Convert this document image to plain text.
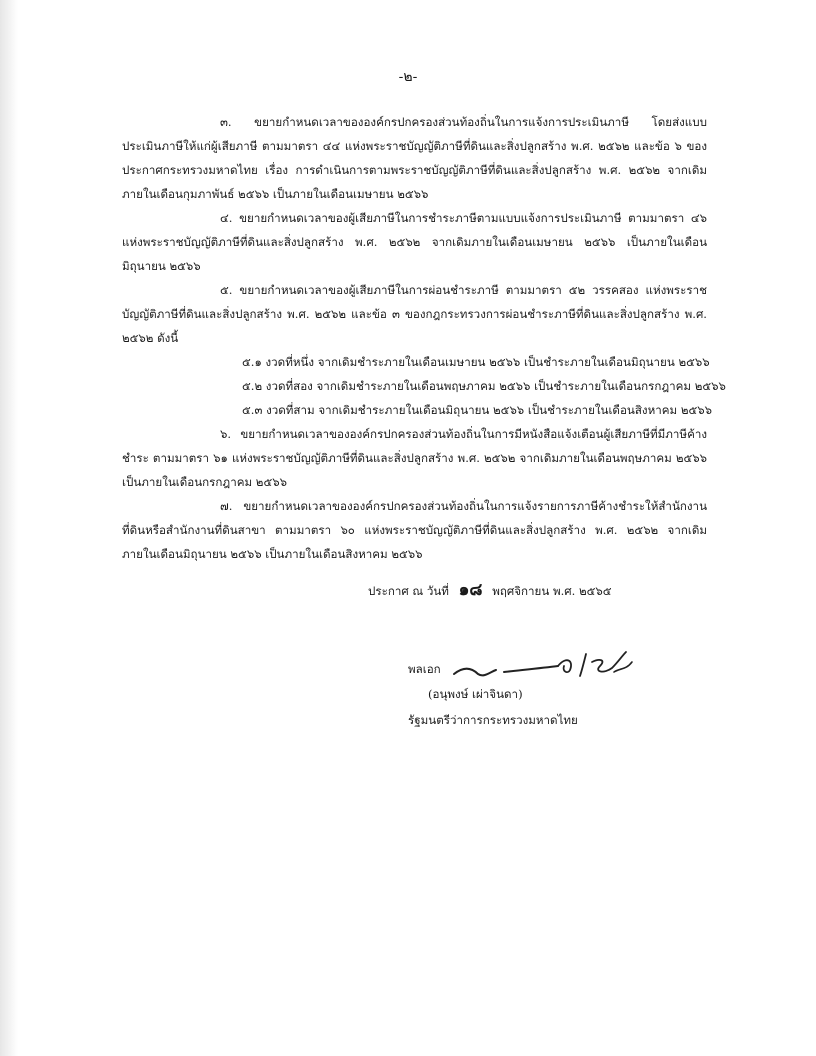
-๒-

๓. ขยายกำหนดเวลาขององค์กรปกครองส่วนท้องถิ่นในการแจ้งการประเมินภาษี โดยส่งแบบประเมินภาษีให้แก่ผู้เสียภาษี ตามมาตรา ๔๔ แห่งพระราชบัญญัติภาษีที่ดินและสิ่งปลูกสร้าง พ.ศ. ๒๕๖๒ และข้อ ๖ ของประกาศกระทรวงมหาดไทย เรื่อง การดำเนินการตามพระราชบัญญัติภาษีที่ดินและสิ่งปลูกสร้าง พ.ศ. ๒๕๖๒ จากเดิมภายในเดือนกุมภาพันธ์ ๒๕๖๖ เป็นภายในเดือนเมษายน ๒๕๖๖

๔. ขยายกำหนดเวลาของผู้เสียภาษีในการชำระภาษีตามแบบแจ้งการประเมินภาษี ตามมาตรา ๔๖ แห่งพระราชบัญญัติภาษีที่ดินและสิ่งปลูกสร้าง พ.ศ. ๒๕๖๒ จากเดิมภายในเดือนเมษายน ๒๕๖๖ เป็นภายในเดือนมิถุนายน ๒๕๖๖

๕. ขยายกำหนดเวลาของผู้เสียภาษีในการผ่อนชำระภาษี ตามมาตรา ๕๒ วรรคสอง แห่งพระราชบัญญัติภาษีที่ดินและสิ่งปลูกสร้าง พ.ศ. ๒๕๖๒ และข้อ ๓ ของกฎกระทรวงการผ่อนชำระภาษีที่ดินและสิ่งปลูกสร้าง พ.ศ. ๒๕๖๒ ดังนี้

๕.๑ งวดที่หนึ่ง จากเดิมชำระภายในเดือนเมษายน ๒๕๖๖ เป็นชำระภายในเดือนมิถุนายน ๒๕๖๖

๕.๒ งวดที่สอง จากเดิมชำระภายในเดือนพฤษภาคม ๒๕๖๖ เป็นชำระภายในเดือนกรกฎาคม ๒๕๖๖

๕.๓ งวดที่สาม จากเดิมชำระภายในเดือนมิถุนายน ๒๕๖๖ เป็นชำระภายในเดือนสิงหาคม ๒๕๖๖

๖. ขยายกำหนดเวลาขององค์กรปกครองส่วนท้องถิ่นในการมีหนังสือแจ้งเตือนผู้เสียภาษีที่มีภาษีค้างชำระ ตามมาตรา ๖๑ แห่งพระราชบัญญัติภาษีที่ดินและสิ่งปลูกสร้าง พ.ศ. ๒๕๖๒ จากเดิมภายในเดือนพฤษภาคม ๒๕๖๖ เป็นภายในเดือนกรกฎาคม ๒๕๖๖

๗. ขยายกำหนดเวลาขององค์กรปกครองส่วนท้องถิ่นในการแจ้งรายการภาษีค้างชำระให้สำนักงานที่ดินหรือสำนักงานที่ดินสาขา ตามมาตรา ๖๐ แห่งพระราชบัญญัติภาษีที่ดินและสิ่งปลูกสร้าง พ.ศ. ๒๕๖๒ จากเดิมภายในเดือนมิถุนายน ๒๕๖๖ เป็นภายในเดือนสิงหาคม ๒๕๖๖

ประกาศ ณ วันที่ ๑๘ พฤศจิกายน พ.ศ. ๒๕๖๕
พลเอก
(อนุพงษ์ เผ่าจินดา)
รัฐมนตรีว่าการกระทรวงมหาดไทย
